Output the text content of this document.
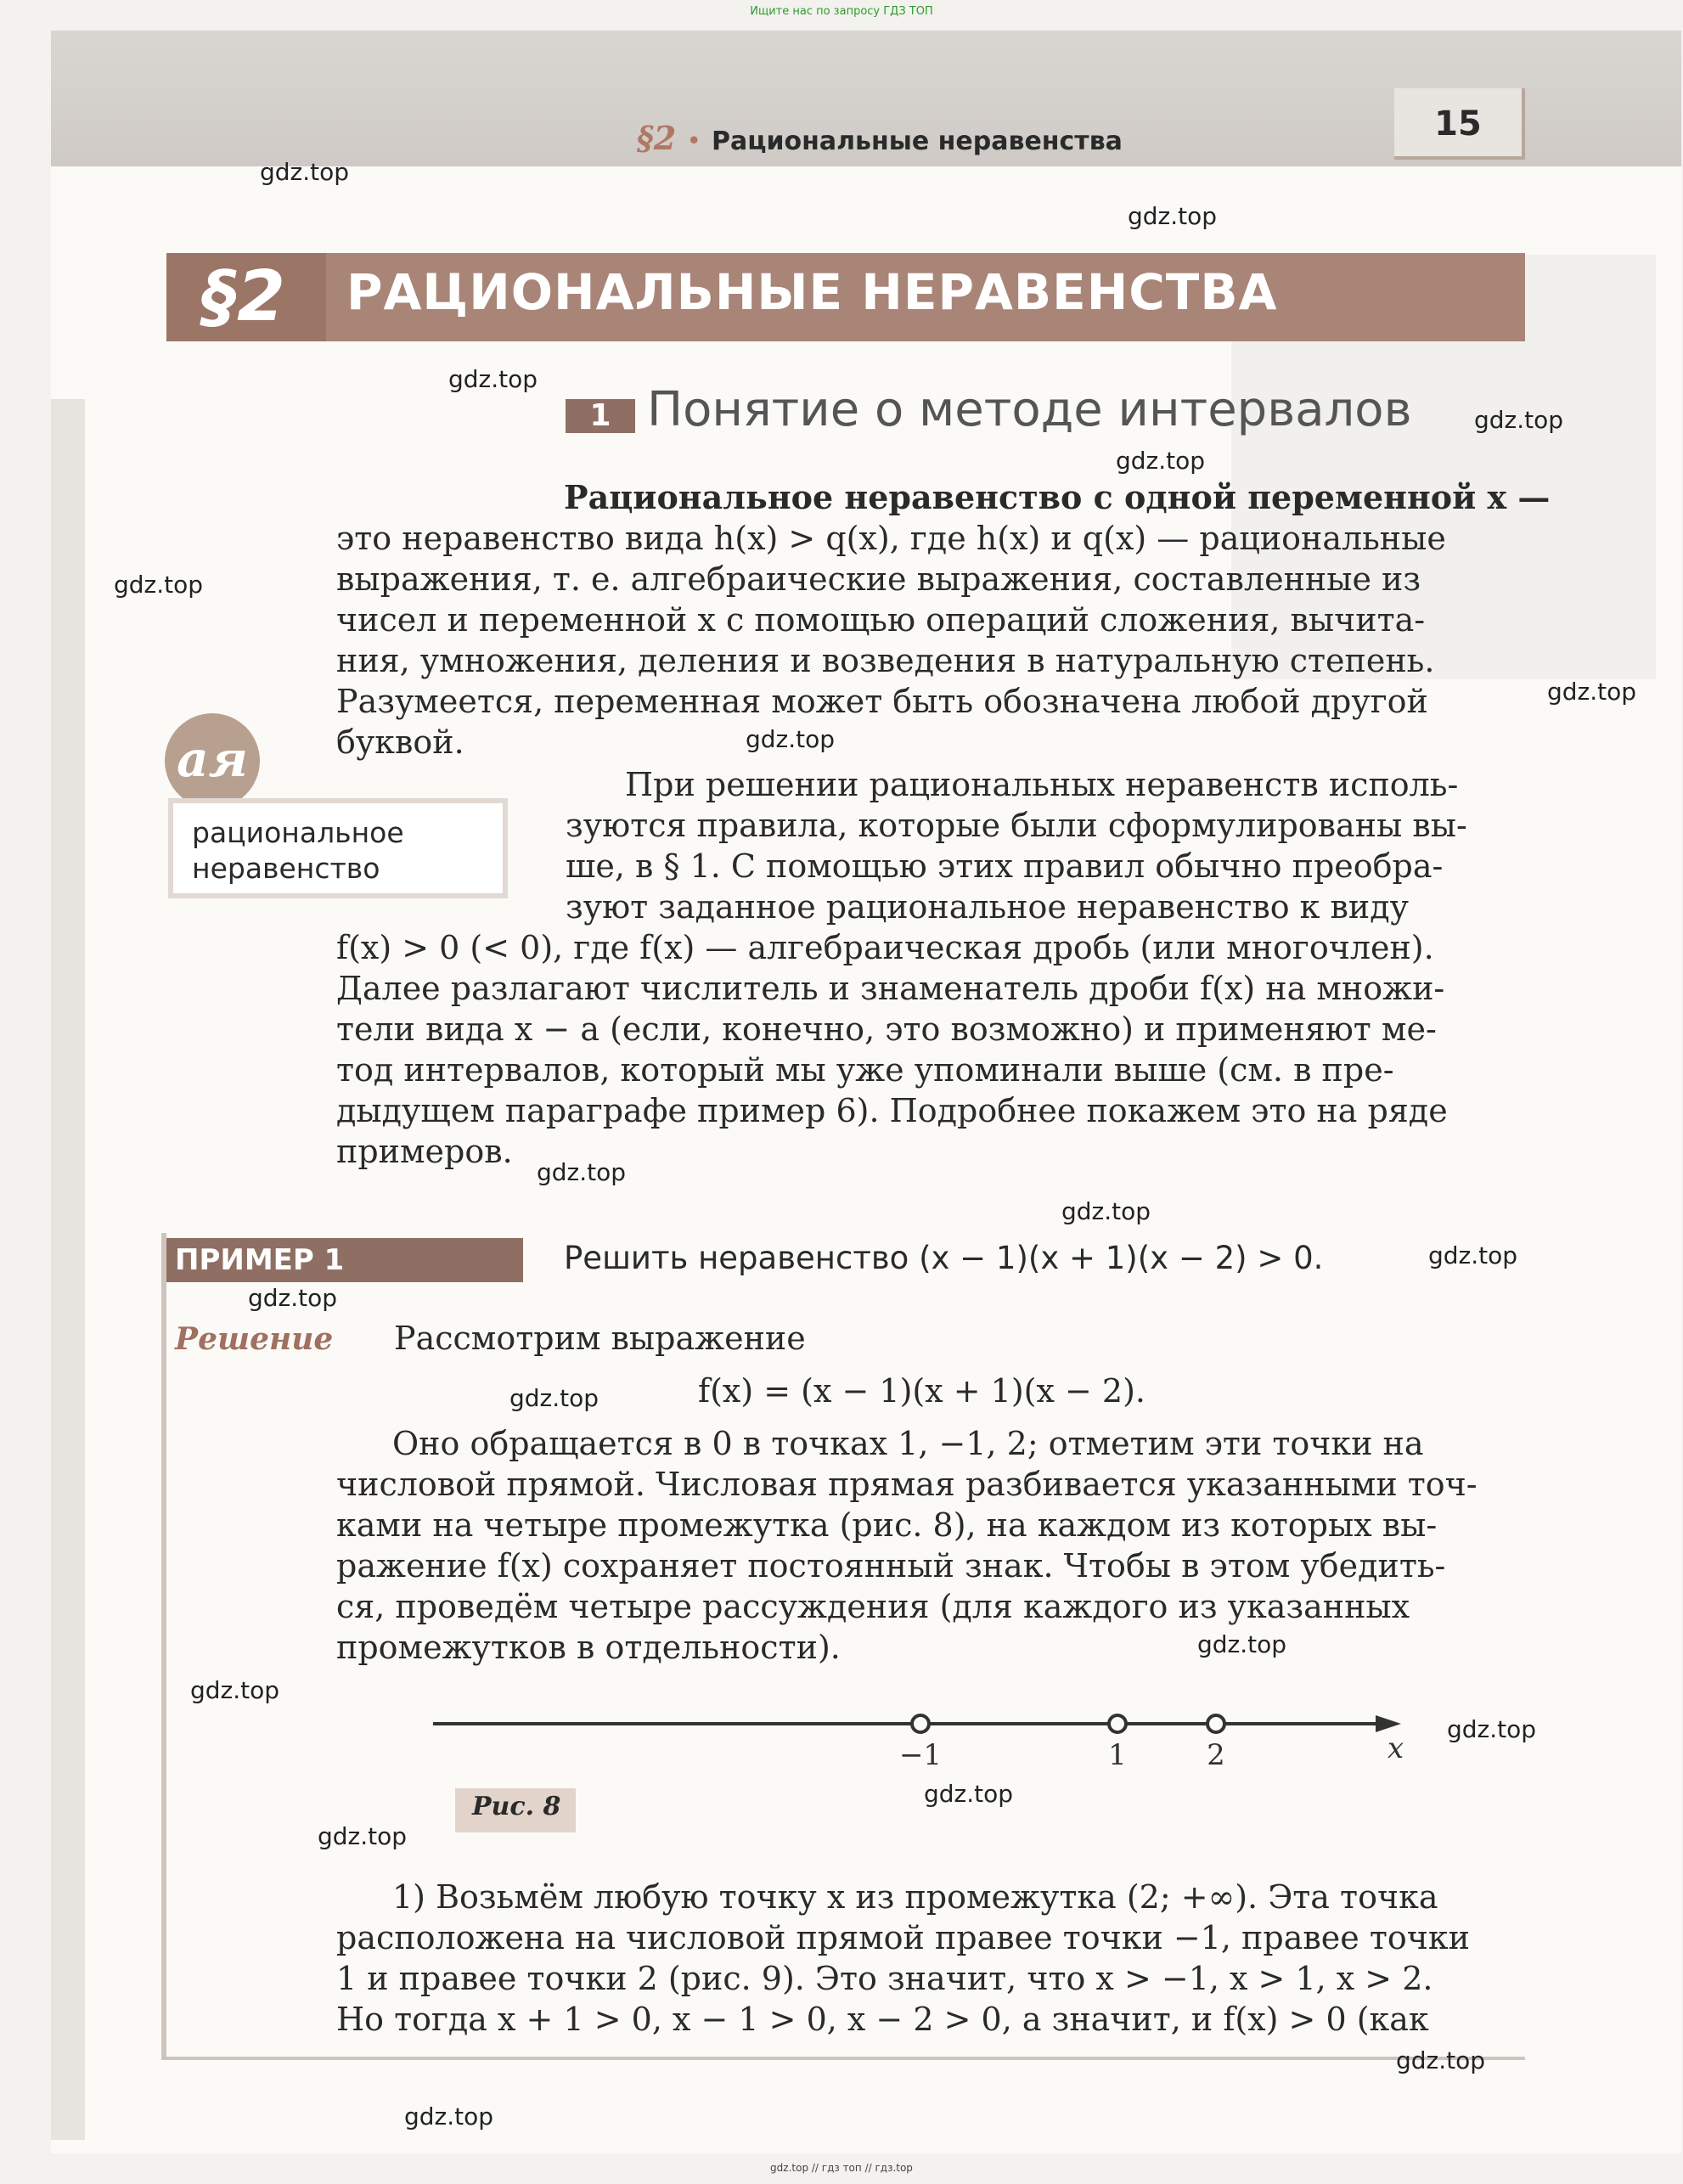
Ищите нас по запросу ГДЗ ТОП
§2 • Рациональные неравенства	15
§2 РАЦИОНАЛЬНЫЕ НЕРАВЕНСТВА
1 Понятие о методе интервалов
Рациональное неравенство с одной переменной x —
это неравенство вида h(x) > q(x), где h(x) и q(x) — рациональные
выражения, т. е. алгебраические выражения, составленные из
чисел и переменной x с помощью операций сложения, вычита-
ния, умножения, деления и возведения в натуральную степень.
Разумеется, переменная может быть обозначена любой другой
буквой.
ая
рациональное
неравенство
При решении рациональных неравенств исполь-
зуются правила, которые были сформулированы вы-
ше, в § 1. С помощью этих правил обычно преобра-
зуют заданное рациональное неравенство к виду
f(x) > 0 (< 0), где f(x) — алгебраическая дробь (или многочлен).
Далее разлагают числитель и знаменатель дроби f(x) на множи-
тели вида x − a (если, конечно, это возможно) и применяют ме-
тод интервалов, который мы уже упоминали выше (см. в пре-
дыдущем параграфе пример 6). Подробнее покажем это на ряде
примеров.
ПРИМЕР 1	Решить неравенство (x − 1)(x + 1)(x − 2) > 0.
Решение Рассмотрим выражение
f(x) = (x − 1)(x + 1)(x − 2).
Оно обращается в 0 в точках 1, −1, 2; отметим эти точки на
числовой прямой. Числовая прямая разбивается указанными точ-
ками на четыре промежутка (рис. 8), на каждом из которых вы-
ражение f(x) сохраняет постоянный знак. Чтобы в этом убедить-
ся, проведём четыре рассуждения (для каждого из указанных
промежутков в отдельности).
x
−1	1	2
Рис. 8
1) Возьмём любую точку x из промежутка (2; +∞). Эта точка
расположена на числовой прямой правее точки −1, правее точки
1 и правее точки 2 (рис. 9). Это значит, что x > −1, x > 1, x > 2.
Но тогда x + 1 > 0, x − 1 > 0, x − 2 > 0, а значит, и f(x) > 0 (как
gdz.top
gdz.top
gdz.top
gdz.top
gdz.top
gdz.top
gdz.top
gdz.top
gdz.top
gdz.top
gdz.top
gdz.top
gdz.top
gdz.top
gdz.top
gdz.top
gdz.top
gdz.top
gdz.top
gdz.top
gdz.top // гдз топ // гдз.top
